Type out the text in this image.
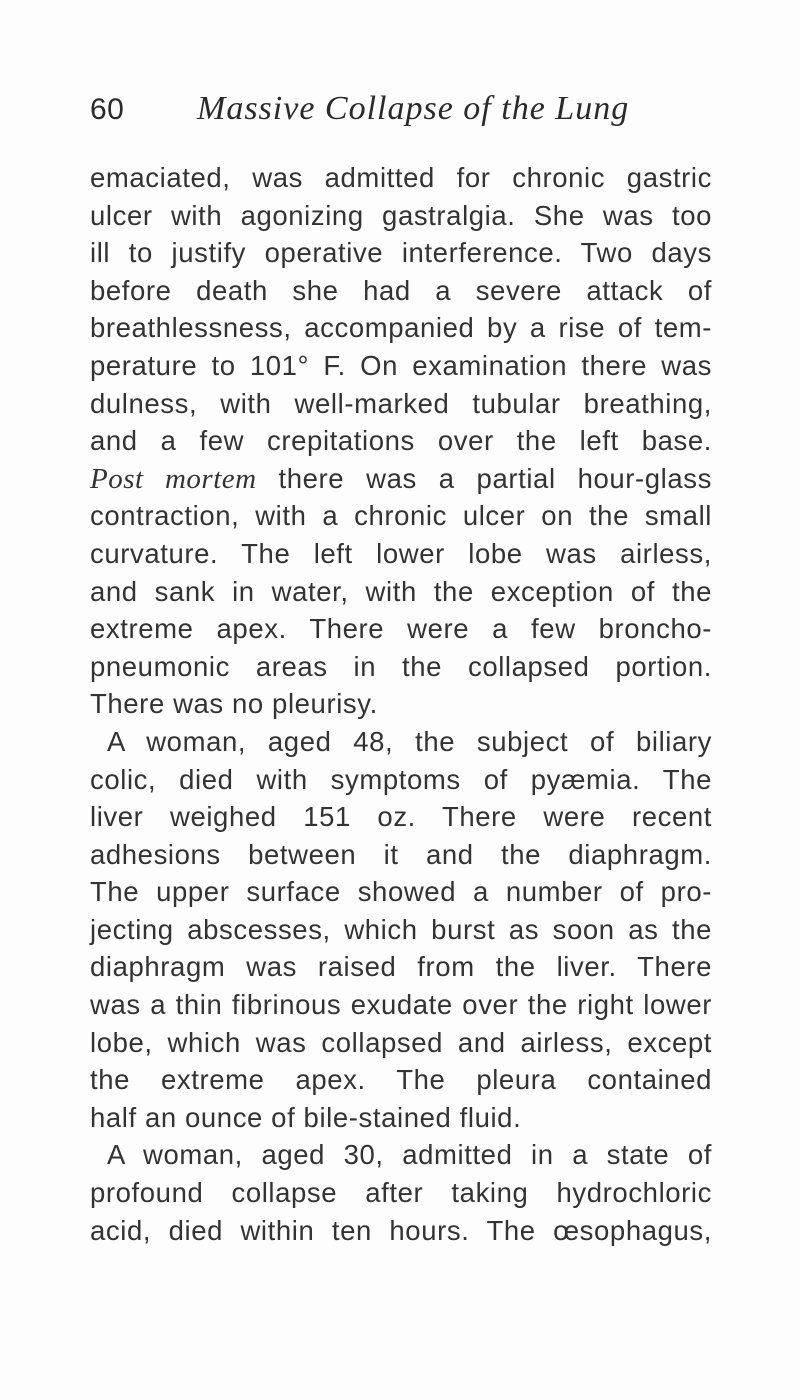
60 Massive Collapse of the Lung
emaciated, was admitted for chronic gastric
ulcer with agonizing gastralgia. She was too
ill to justify operative interference. Two days
before death she had a severe attack of
breathlessness, accompanied by a rise of tem-
perature to 101° F. On examination there was
dulness, with well-marked tubular breathing,
and a few crepitations over the left base.
Post mortem there was a partial hour-glass
contraction, with a chronic ulcer on the small
curvature. The left lower lobe was airless,
and sank in water, with the exception of the
extreme apex. There were a few broncho-
pneumonic areas in the collapsed portion.
There was no pleurisy.
A woman, aged 48, the subject of biliary
colic, died with symptoms of pyæmia. The
liver weighed 151 oz. There were recent
adhesions between it and the diaphragm.
The upper surface showed a number of pro-
jecting abscesses, which burst as soon as the
diaphragm was raised from the liver. There
was a thin fibrinous exudate over the right lower
lobe, which was collapsed and airless, except
the extreme apex. The pleura contained
half an ounce of bile-stained fluid.
A woman, aged 30, admitted in a state of
profound collapse after taking hydrochloric
acid, died within ten hours. The œsophagus,
